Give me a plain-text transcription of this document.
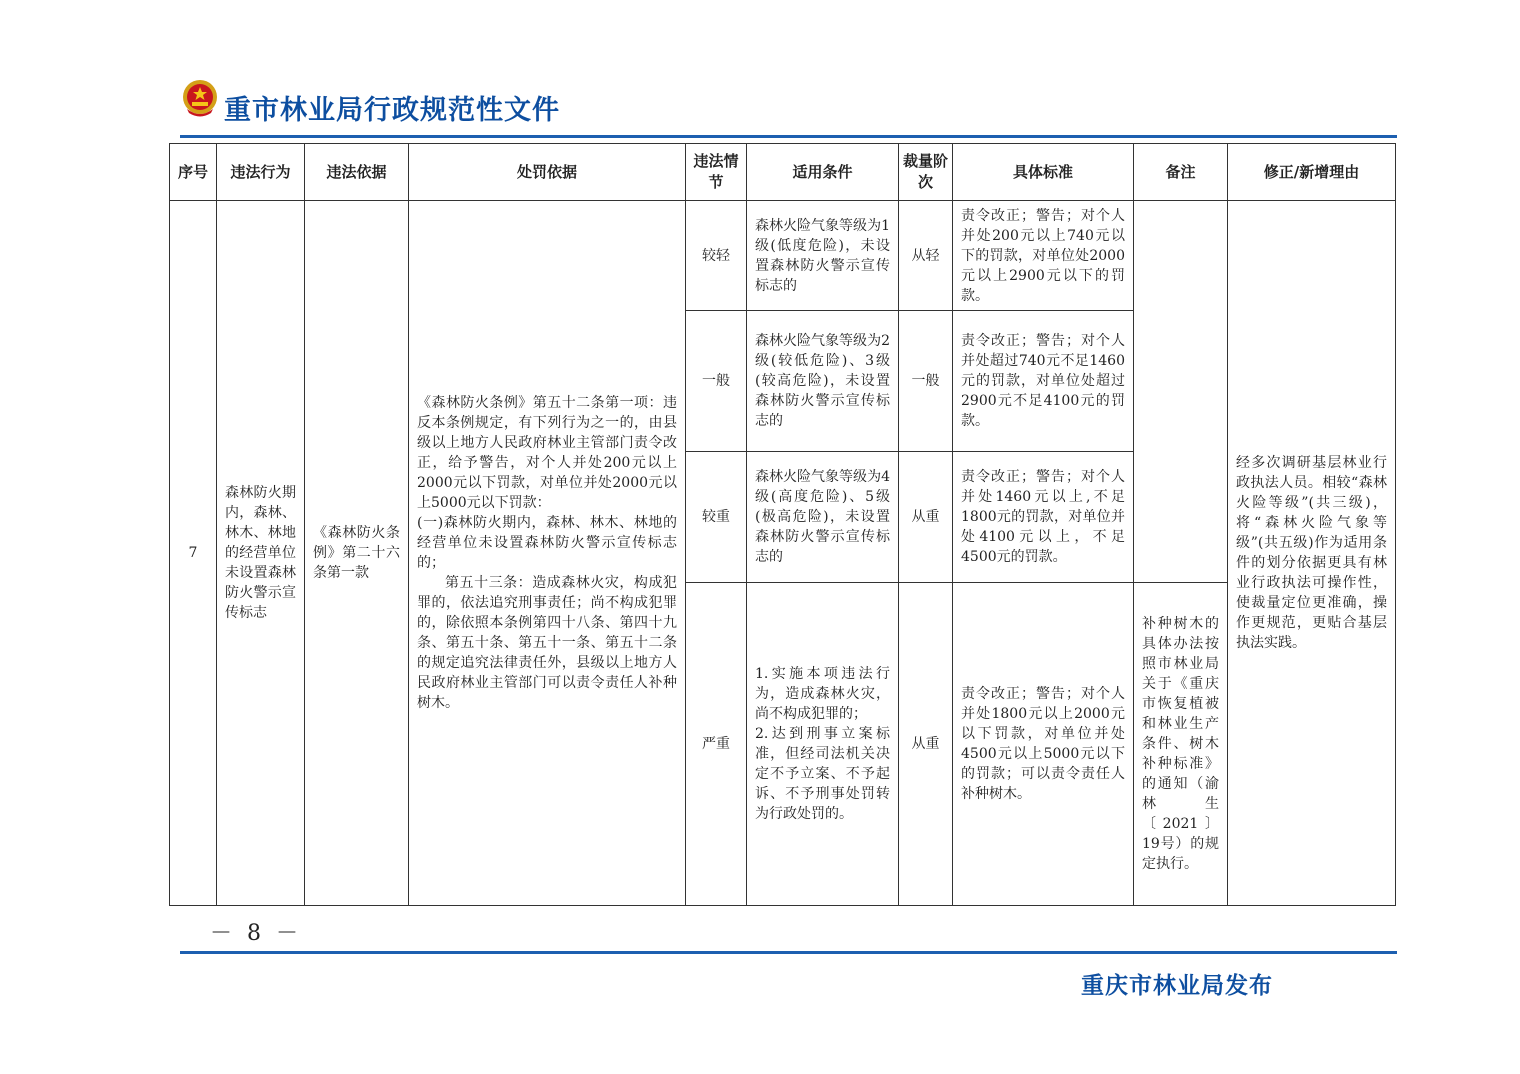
重市林业局行政规范性文件
序号	违法行为	违法依据	处罚依据	违法情节	适用条件	裁量阶次	具体标准	备注	修正/新增理由
7	森林防火期内，森林、林木、林地的经营单位未设置森林防火警示宣传标志	《森林防火条例》第二十六条第一款	《森林防火条例》第五十二条第一项：违反本条例规定，有下列行为之一的，由县级以上地方人民政府林业主管部门责令改正，给予警告，对个人并处200元以上2000元以下罚款，对单位并处2000元以上5000元以下罚款：
(一)森林防火期内，森林、林木、林地的经营单位未设置森林防火警示宣传标志的；
第五十三条：造成森林火灾，构成犯罪的，依法追究刑事责任；尚不构成犯罪的，除依照本条例第四十八条、第四十九条、第五十条、第五十一条、第五十二条的规定追究法律责任外，县级以上地方人民政府林业主管部门可以责令责任人补种树木。	较轻	森林火险气象等级为1级(低度危险)，未设置森林防火警示宣传标志的	从轻	责令改正；警告；对个人并处200元以上740元以下的罚款，对单位处2000元以上2900元以下的罚款。		经多次调研基层林业行政执法人员。相较“森林火险等级”(共三级)，将“森林火险气象等级”(共五级)作为适用条件的划分依据更具有林业行政执法可操作性，使裁量定位更准确，操作更规范，更贴合基层执法实践。
				一般	森林火险气象等级为2级(较低危险)、3级(较高危险)，未设置森林防火警示宣传标志的	一般	责令改正；警告；对个人并处超过740元不足1460元的罚款，对单位处超过2900元不足4100元的罚款。		
				较重	森林火险气象等级为4级(高度危险)、5级(极高危险)，未设置森林防火警示宣传标志的	从重	责令改正；警告；对个人并处1460元以上,不足1800元的罚款，对单位并处4100元以上，不足4500元的罚款。		
				严重	1.实施本项违法行为，造成森林火灾，尚不构成犯罪的；
2.达到刑事立案标准，但经司法机关决定不予立案、不予起诉、不予刑事处罚转为行政处罚的。	从重	责令改正；警告；对个人并处1800元以上2000元以下罚款，对单位并处4500元以上5000元以下的罚款；可以责令责任人补种树木。	补种树木的具体办法按照市林业局关于《重庆市恢复植被和林业生产条件、树木补种标准》的通知（渝林生〔2021〕19号）的规定执行。	
－ 8 －
重庆市林业局发布
